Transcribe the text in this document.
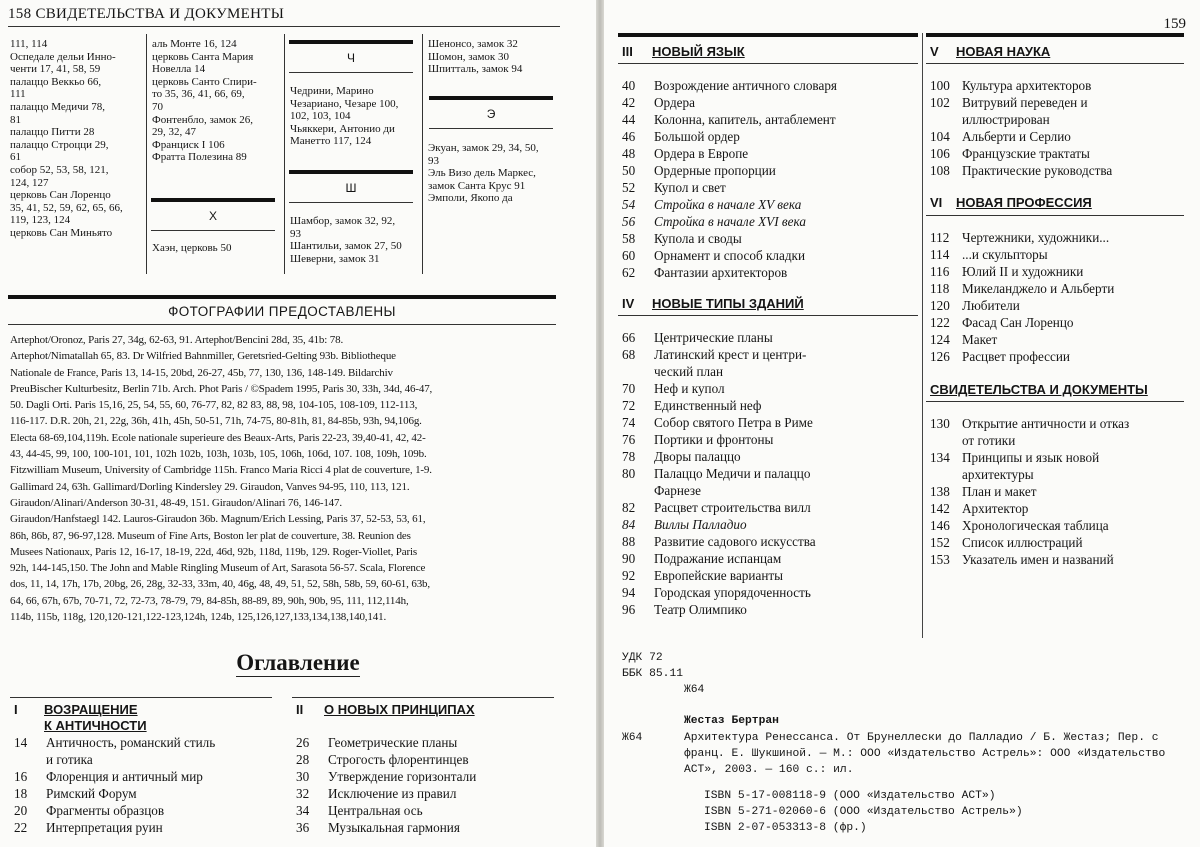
158 СВИДЕТЕЛЬСТВА И ДОКУМЕНТЫ
111, 114
Оспедале дельи Инно-
ченти 17, 41, 58, 59
палаццо Веккьо 66,
111
палаццо Медичи 78,
81
палаццо Питти 28
палаццо Строцци 29,
61
собор 52, 53, 58, 121,
124, 127
церковь Сан Лоренцо
35, 41, 52, 59, 62, 65, 66,
119, 123, 124
церковь Сан Миньято
аль Монте 16, 124
церковь Санта Мария
Новелла 14
церковь Санто Спири-
то 35, 36, 41, 66, 69,
70
Фонтенбло, замок 26,
29, 32, 47
Франциск I 106
Фратта Полезина 89
Х
Хаэн, церковь 50
Ч
Чедрини, Марино
Чезариано, Чезаре 100,
102, 103, 104
Чьяккери, Антонио ди
Манетто 117, 124
Ш
Шамбор, замок 32, 92,
93
Шантильи, замок 27, 50
Шеверни, замок 31
Шенонсо, замок 32
Шомон, замок 30
Шпитталь, замок 94
Э
Экуан, замок 29, 34, 50,
93
Эль Визо дель Маркес,
замок Санта Крус 91
Эмполи, Якопо да
ФОТОГРАФИИ ПРЕДОСТАВЛЕНЫ
Artephot/Oronoz, Paris 27, 34g, 62-63, 91. Artephot/Bencini 28d, 35, 41b: 78.
Artephot/Nimatallah 65, 83. Dr Wilfried Bahnmiller, Geretsried-Gelting 93b. Bibliotheque
Nationale de France, Paris 13, 14-15, 20bd, 26-27, 45b, 77, 130, 136, 148-149. Bildarchiv
PreuBischer Kulturbesitz, Berlin 71b. Arch. Phot Paris / ©Spadem 1995, Paris 30, 33h, 34d, 46-47,
50. Dagli Orti. Paris 15,16, 25, 54, 55, 60, 76-77, 82, 82 83, 88, 98, 104-105, 108-109, 112-113,
116-117. D.R. 20h, 21, 22g, 36h, 41h, 45h, 50-51, 71h, 74-75, 80-81h, 81, 84-85b, 93h, 94,106g.
Electa 68-69,104,119h. Ecole nationale superieure des Beaux-Arts, Paris 22-23, 39,40-41, 42, 42-
43, 44-45, 99, 100, 100-101, 101, 102h 102b, 103h, 103b, 105, 106h, 106d, 107. 108, 109h, 109b.
Fitzwilliam Museum, University of Cambridge 115h. Franco Maria Ricci 4 plat de couverture, 1-9.
Gallimard 24, 63h. Gallimard/Dorling Kindersley 29. Giraudon, Vanves 94-95, 110, 113, 121.
Giraudon/Alinari/Anderson 30-31, 48-49, 151. Giraudon/Alinari 76, 146-147.
Giraudon/Hanfstaegl 142. Lauros-Giraudon 36b. Magnum/Erich Lessing, Paris 37, 52-53, 53, 61,
86h, 86b, 87, 96-97,128. Museum of Fine Arts, Boston ler plat de couverture, 38. Reunion des
Musees Nationaux, Paris 12, 16-17, 18-19, 22d, 46d, 92b, 118d, 119b, 129. Roger-Viollet, Paris
92h, 144-145,150. The John and Mable Ringling Museum of Art, Sarasota 56-57. Scala, Florence
dos, 11, 14, 17h, 17b, 20bg, 26, 28g, 32-33, 33m, 40, 46g, 48, 49, 51, 52, 58h, 58b, 59, 60-61, 63b,
64, 66, 67h, 67b, 70-71, 72, 72-73, 78-79, 79, 84-85h, 88-89, 89, 90h, 90b, 95, 111, 112,114h,
114b, 115b, 118g, 120,120-121,122-123,124h, 124b, 125,126,127,133,134,138,140,141.
Оглавление
I ВОЗРАЩЕНИЕ
К АНТИЧНОСТИ
14	Античность, романский стиль
и готика
16	Флоренция и античный мир
18	Римский Форум
20	Фрагменты образцов
22	Интерпретация руин
II О НОВЫХ ПРИНЦИПАХ
26	Геометрические планы
28	Строгость флорентинцев
30	Утверждение горизонтали
32	Исключение из правил
34	Центральная ось
36	Музыкальная гармония
159
III НОВЫЙ ЯЗЫК
40	Возрождение античного словаря
42	Ордера
44	Колонна, капитель, антаблемент
46	Большой ордер
48	Ордера в Европе
50	Ордерные пропорции
52	Купол и свет
54	Стройка в начале XV века
56	Стройка в начале XVI века
58	Купола и своды
60	Орнамент и способ кладки
62	Фантазии архитекторов
IV НОВЫЕ ТИПЫ ЗДАНИЙ
66	Центрические планы
68	Латинский крест и центри-
ческий план
70	Неф и купол
72	Единственный неф
74	Собор святого Петра в Риме
76	Портики и фронтоны
78	Дворы палаццо
80	Палаццо Медичи и палаццо
Фарнезе
82	Расцвет строительства вилл
84	Виллы Палладио
88	Развитие садового искусства
90	Подражание испанцам
92	Европейские варианты
94	Городская упорядоченность
96	Театр Олимпико
V НОВАЯ НАУКА
100 Культура архитекторов
102 Витрувий переведен и
иллюстрирован
104 Альберти и Серлио
106 Французские трактаты
108 Практические руководства
VI НОВАЯ ПРОФЕССИЯ
112 Чертежники, художники...
114 ...и скульпторы
116 Юлий II и художники
118 Микеланджело и Альберти
120 Любители
122 Фасад Сан Лоренцо
124 Макет
126 Расцвет профессии
СВИДЕТЕЛЬСТВА И ДОКУМЕНТЫ
130 Открытие античности и отказ
от готики
134 Принципы и язык новой
архитектуры
138 План и макет
142 Архитектор
146 Хронологическая таблица
152 Список иллюстраций
153 Указатель имен и названий
УДК 72
ББК 85.11
Ж64
Жестаз Бертран
Ж64	Архитектура Ренессанса. От Брунеллески до Палладио / Б. Жестаз; Пер. с
франц. Е. Шукшиной. — М.: ООО «Издательство Астрель»: ООО «Издательство
АСТ», 2003. — 160 с.: ил.
ISBN 5-17-008118-9 (ООО «Издательство АСТ»)
ISBN 5-271-02060-6 (ООО «Издательство Астрель»)
ISBN 2-07-053313-8 (фр.)
